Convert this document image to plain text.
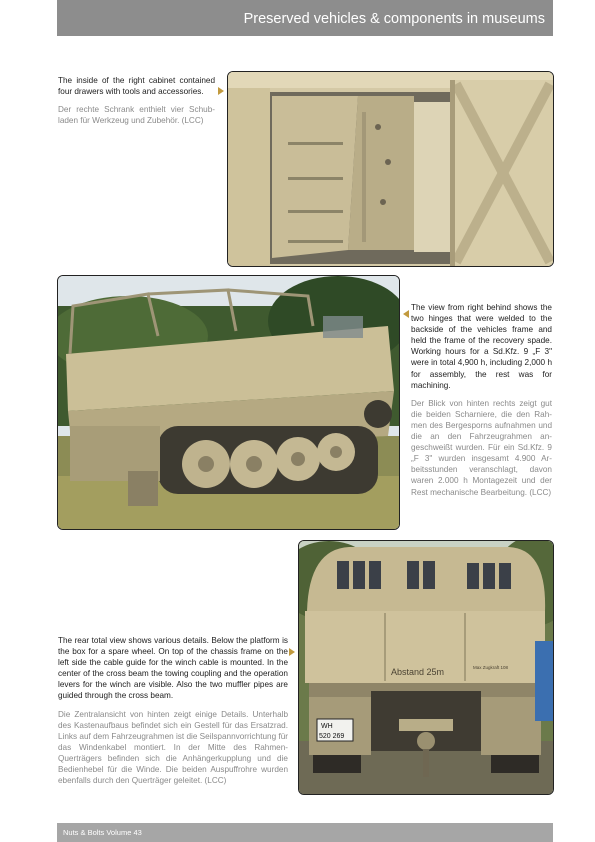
Preserved vehicles & components in museums

The inside of the right cabinet contained four drawers with tools and accessories.

Der rechte Schrank enthielt vier Schubladen für Werkzeug und Zubehör. (LCC)

The view from right behind shows the two hinges that were welded to the backside of the vehicles frame and held the frame of the recovery spade. Working hours for a Sd.Kfz. 9 „F 3" were in total 4,900 h, including 2,000 h for assembly, the rest was for machining.

Der Blick von hinten rechts zeigt gut die beiden Scharniere, die den Rahmen des Bergesporns aufnahmen und die an den Fahrzeugrahmen angeschweißt wurden. Für ein Sd.Kfz. 9 „F 3" wurden insgesamt 4.900 Arbeitsstunden veranschlagt, davon waren 2.000 h Montagezeit und der Rest mechanische Bearbeitung. (LCC)

The rear total view shows various details. Below the platform is the box for a spare wheel. On top of the chassis frame on the left side the cable guide for the winch cable is mounted. In the center of the cross beam the towing coupling and the operation levers for the winch are visible. Also the two muffler pipes are guided through the cross beam.

Die Zentralansicht von hinten zeigt einige Details. Unterhalb des Kastenaufbaus befindet sich ein Gestell für das Ersatzrad. Links auf dem Fahrzeugrahmen ist die Seilspannvorrichtung für das Windenkabel montiert. In der Mitte des Rahmen-Querträgers befinden sich die Anhängerkupplung und die Bedienhebel für die Winde. Die beiden Auspuffrohre wurden ebenfalls durch den Querträger geleitet. (LCC)

Abstand 25m	Max Zugkraft 108
WH
520 269
Nuts & Bolts Volume 43
